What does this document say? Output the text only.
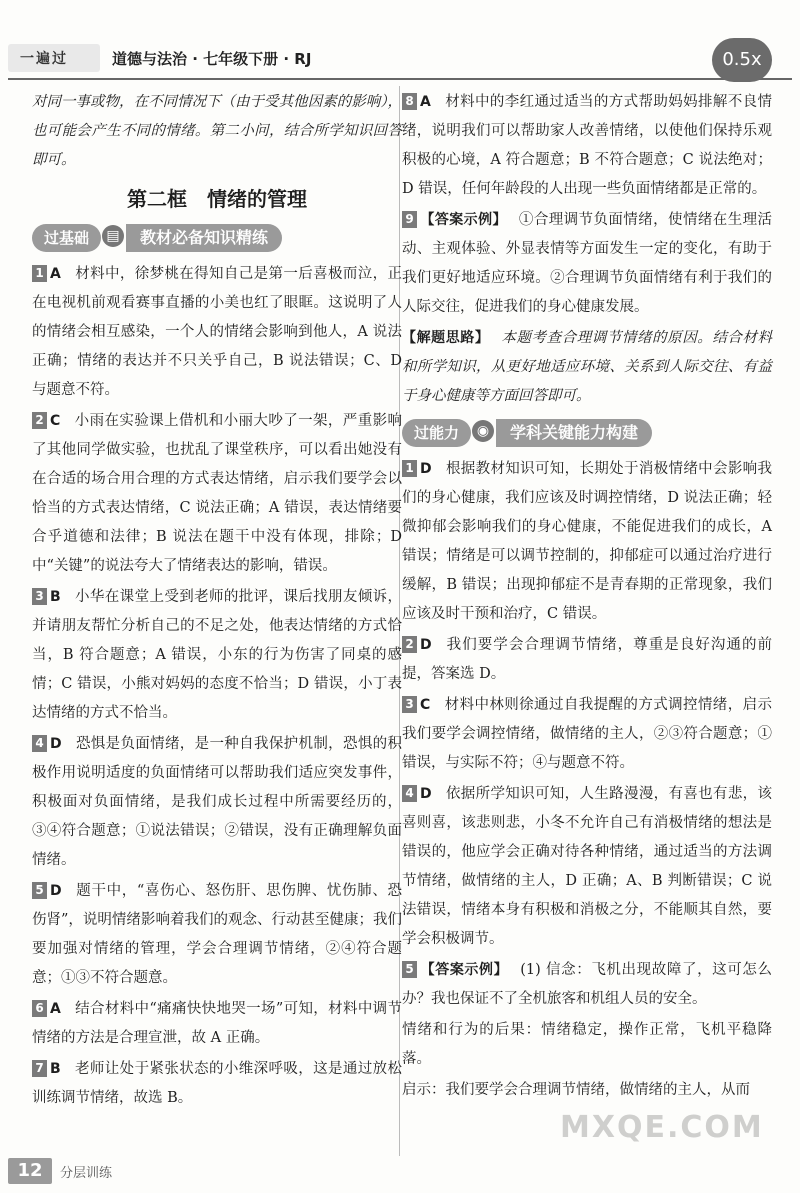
一遍过	道德与法治 · 七年级下册 · RJ	0.5x

对同一事或物，在不同情况下（由于受其他因素的影响），也可能会产生不同的情绪。第二小问，结合所学知识回答即可。

第二框　情绪的管理
过基础	▤	教材必备知识精练

1 A 材料中，徐梦桃在得知自己是第一后喜极而泣，正在电视机前观看赛事直播的小美也红了眼眶。这说明了人的情绪会相互感染，一个人的情绪会影响到他人，A 说法正确；情绪的表达并不只关乎自己，B 说法错误；C、D 与题意不符。

2 C 小雨在实验课上借机和小丽大吵了一架，严重影响了其他同学做实验，也扰乱了课堂秩序，可以看出她没有在合适的场合用合理的方式表达情绪，启示我们要学会以恰当的方式表达情绪，C 说法正确；A 错误，表达情绪要合乎道德和法律；B 说法在题干中没有体现，排除；D 中“关键”的说法夸大了情绪表达的影响，错误。

3 B 小华在课堂上受到老师的批评，课后找朋友倾诉，并请朋友帮忙分析自己的不足之处，他表达情绪的方式恰当，B 符合题意；A 错误，小东的行为伤害了同桌的感情；C 错误，小熊对妈妈的态度不恰当；D 错误，小丁表达情绪的方式不恰当。

4 D 恐惧是负面情绪，是一种自我保护机制，恐惧的积极作用说明适度的负面情绪可以帮助我们适应突发事件，积极面对负面情绪，是我们成长过程中所需要经历的，③④符合题意；①说法错误；②错误，没有正确理解负面情绪。

5 D 题干中，“喜伤心、怒伤肝、思伤脾、忧伤肺、恐伤肾”，说明情绪影响着我们的观念、行动甚至健康；我们要加强对情绪的管理，学会合理调节情绪，②④符合题意；①③不符合题意。

6 A 结合材料中“痛痛快快地哭一场”可知，材料中调节情绪的方法是合理宣泄，故 A 正确。

7 B 老师让处于紧张状态的小维深呼吸，这是通过放松训练调节情绪，故选 B。

8 A 材料中的李红通过适当的方式帮助妈妈排解不良情绪，说明我们可以帮助家人改善情绪，以使他们保持乐观积极的心境，A 符合题意；B 不符合题意；C 说法绝对；D 错误，任何年龄段的人出现一些负面情绪都是正常的。

9 【答案示例】 ①合理调节负面情绪，使情绪在生理活动、主观体验、外显表情等方面发生一定的变化，有助于我们更好地适应环境。②合理调节负面情绪有利于我们的人际交往，促进我们的身心健康发展。

【解题思路】 本题考查合理调节情绪的原因。结合材料和所学知识，从更好地适应环境、关系到人际交往、有益于身心健康等方面回答即可。

过能力	◉	学科关键能力构建

1 D 根据教材知识可知，长期处于消极情绪中会影响我们的身心健康，我们应该及时调控情绪，D 说法正确；轻微抑郁会影响我们的身心健康，不能促进我们的成长，A 错误；情绪是可以调节控制的，抑郁症可以通过治疗进行缓解，B 错误；出现抑郁症不是青春期的正常现象，我们应该及时干预和治疗，C 错误。

2 D 我们要学会合理调节情绪，尊重是良好沟通的前提，答案选 D。

3 C 材料中林则徐通过自我提醒的方式调控情绪，启示我们要学会调控情绪，做情绪的主人，②③符合题意；①错误，与实际不符；④与题意不符。

4 D 依据所学知识可知，人生路漫漫，有喜也有悲，该喜则喜，该悲则悲，小冬不允许自己有消极情绪的想法是错误的，他应学会正确对待各种情绪，通过适当的方法调节情绪，做情绪的主人，D 正确；A、B 判断错误；C 说法错误，情绪本身有积极和消极之分，不能顺其自然，要学会积极调节。

5 【答案示例】 (1) 信念：飞机出现故障了，这可怎么办？我也保证不了全机旅客和机组人员的安全。

情绪和行为的后果：情绪稳定，操作正常，飞机平稳降落。

启示：我们要学会合理调节情绪，做情绪的主人，从而

12	分层训练
MXQE.COM
